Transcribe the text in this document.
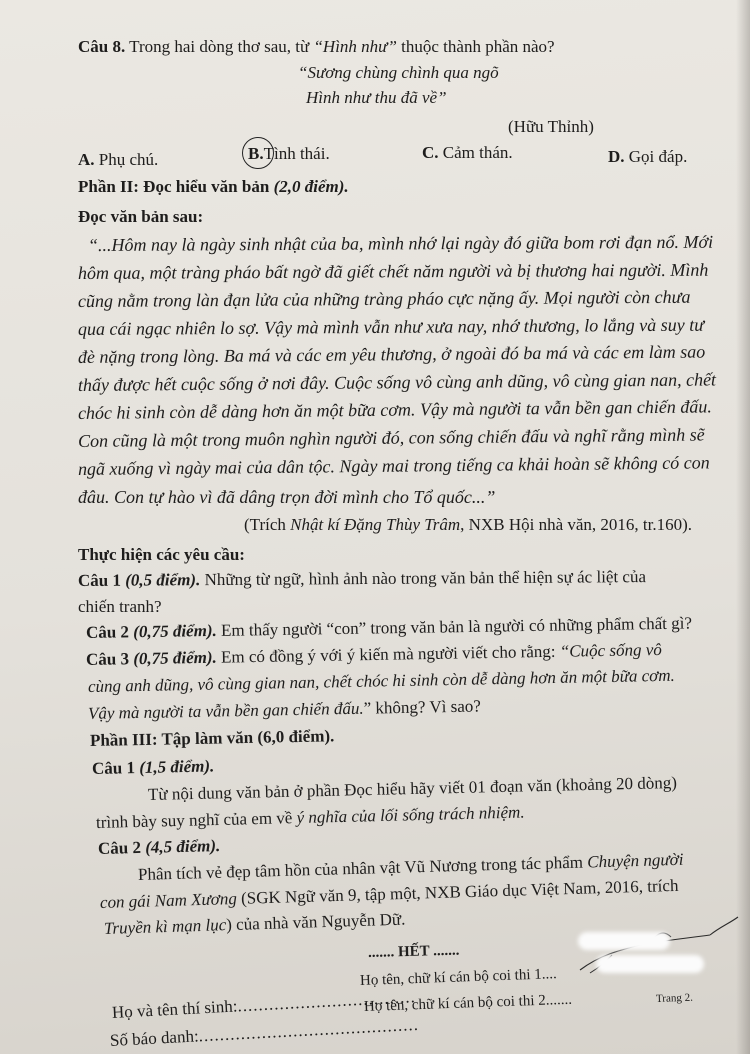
Câu 8. Trong hai dòng thơ sau, từ “Hình như” thuộc thành phần nào?
“Sương chùng chình qua ngõ
Hình như thu đã về”
(Hữu Thỉnh)
A. Phụ chú.	B.Tình thái.	C. Cảm thán.	D. Gọi đáp.
Phần II: Đọc hiểu văn bản (2,0 điểm).
Đọc văn bản sau:
“...Hôm nay là ngày sinh nhật của ba, mình nhớ lại ngày đó giữa bom rơi đạn nổ. Mới
hôm qua, một tràng pháo bất ngờ đã giết chết năm người và bị thương hai người. Mình
cũng nằm trong làn đạn lửa của những tràng pháo cực nặng ấy. Mọi người còn chưa
qua cái ngạc nhiên lo sợ. Vậy mà mình vẫn như xưa nay, nhớ thương, lo lắng và suy tư
đè nặng trong lòng. Ba má và các em yêu thương, ở ngoài đó ba má và các em làm sao
thấy được hết cuộc sống ở nơi đây. Cuộc sống vô cùng anh dũng, vô cùng gian nan, chết
chóc hi sinh còn dễ dàng hơn ăn một bữa cơm. Vậy mà người ta vẫn bền gan chiến đấu.
Con cũng là một trong muôn nghìn người đó, con sống chiến đấu và nghĩ rằng mình sẽ
ngã xuống vì ngày mai của dân tộc. Ngày mai trong tiếng ca khải hoàn sẽ không có con
đâu. Con tự hào vì đã dâng trọn đời mình cho Tổ quốc...”
(Trích Nhật kí Đặng Thùy Trâm, NXB Hội nhà văn, 2016, tr.160).
Thực hiện các yêu cầu:
Câu 1 (0,5 điểm). Những từ ngữ, hình ảnh nào trong văn bản thể hiện sự ác liệt của
chiến tranh?
Câu 2 (0,75 điểm). Em thấy người “con” trong văn bản là người có những phẩm chất gì?
Câu 3 (0,75 điểm). Em có đồng ý với ý kiến mà người viết cho rằng: “Cuộc sống vô
cùng anh dũng, vô cùng gian nan, chết chóc hi sinh còn dễ dàng hơn ăn một bữa cơm.
Vậy mà người ta vẫn bền gan chiến đấu.” không? Vì sao?
Phần III: Tập làm văn (6,0 điểm).
Câu 1 (1,5 điểm).
Từ nội dung văn bản ở phần Đọc hiểu hãy viết 01 đoạn văn (khoảng 20 dòng)
trình bày suy nghĩ của em về ý nghĩa của lối sống trách nhiệm.
Câu 2 (4,5 điểm).
Phân tích vẻ đẹp tâm hồn của nhân vật Vũ Nương trong tác phẩm Chuyện người
con gái Nam Xương (SGK Ngữ văn 9, tập một, NXB Giáo dục Việt Nam, 2016, trích
Truyền kì mạn lục) của nhà văn Nguyễn Dữ.
....... HẾT .......
Họ tên, chữ kí cán bộ coi thi 1....
Họ tên, chữ kí cán bộ coi thi 2.......
Họ và tên thí sinh:..................................
Số báo danh:..........................................
Trang 2.
